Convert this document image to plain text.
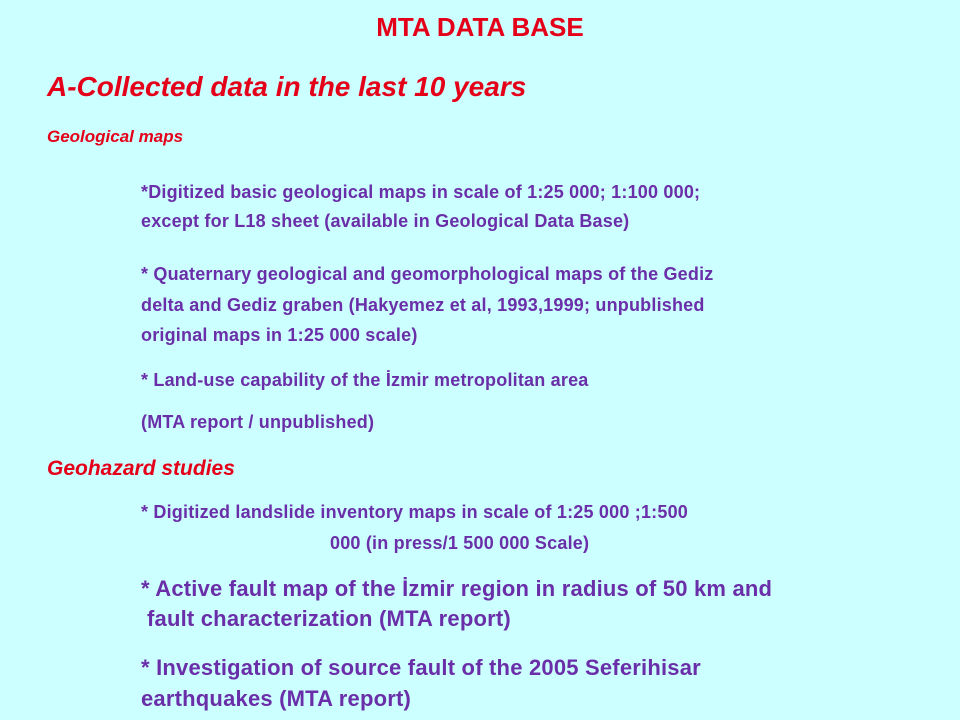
MTA DATA BASE
A-Collected data in the last 10 years
Geological maps
*Digitized basic geological maps in scale of 1:25 000; 1:100 000;
except for L18 sheet (available in Geological Data Base)
* Quaternary geological and geomorphological maps of the Gediz
delta and Gediz graben (Hakyemez et al, 1993,1999; unpublished
original maps in 1:25 000 scale)
* Land-use capability of the İzmir metropolitan area
(MTA report / unpublished)
Geohazard studies
* Digitized landslide inventory maps in scale of 1:25 000 ;1:500
000 (in press/1 500 000 Scale)
* Active fault map of the İzmir region in radius of 50 km and
fault characterization (MTA report)
* Investigation of source fault of the 2005 Seferihisar
earthquakes (MTA report)
